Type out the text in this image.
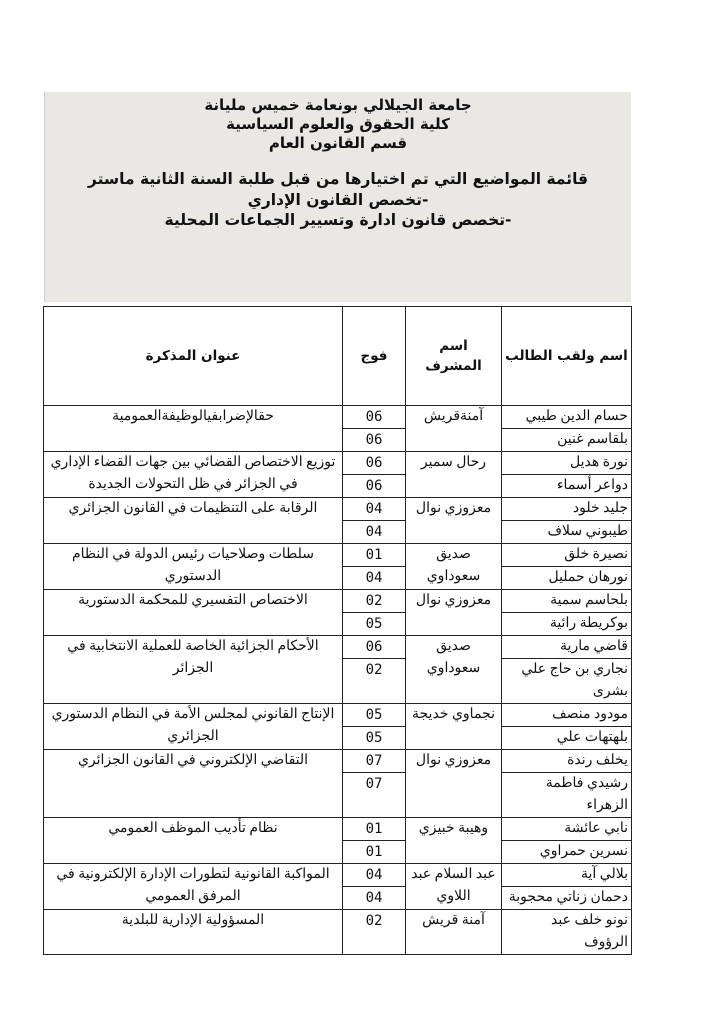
جامعة الجيلالي بونعامة خميس مليانة
كلية الحقوق والعلوم السياسية
قسم القانون العام
قائمة المواضيع التي تم اختيارها من قبل طلبة السنة الثانية ماستر
-تخصص القانون الإداري
-تخصص قانون ادارة وتسيير الجماعات المحلية
اسم ولقب الطالب	اسم المشرف	فوج	عنوان المذكرة
حسام الدين طيبي	آمنةقريش	06	حقالإضرابفيالوظيفةالعمومية
بلقاسم غنين		06	
نورة هديل	رحال سمير	06	توزيع الاختصاص القضائي بين جهات القضاء الإداري في الجزائر في ظل التحولات الجديدة
دواعر أسماء		06	
جليد خلود	معزوزي نوال	04	الرقابة على التنظيمات في القانون الجزائري
طيبوني سلاف		04	
نصيرة خلق	صديق سعوداوي	01	سلطات وصلاحيات رئيس الدولة في النظام الدستوري
نورهان حمليل		04	
بلحاسم سمية	معزوزي نوال	02	الاختصاص التفسيري للمحكمة الدستورية
بوكريطة رائية		05	
قاضي مارية	صديق سعوداوي	06	الأحكام الجزائية الخاصة للعملية الانتخابية في الجزائر
نجاري بن حاج علي بشرى		02	
مودود منصف	نجماوي خديجة	05	الإنتاج القانوني لمجلس الأمة في النظام الدستوري الجزائري
بلهتهات علي		05	
يخلف رندة	معزوزي نوال	07	التقاضي الإلكتروني في القانون الجزائري
رشيدي فاطمة الزهراء		07	
نابي عائشة	وهيبة خبيزي	01	نظام تأديب الموظف العمومي
نسرين حمراوي		01	
بلالي آية	عبد السلام عبد اللاوي	04	المواكبة القانونية لتطورات الإدارة الإلكترونية في المرفق العمومي
دحمان زناتي محجوبة		04	
نونو خلف عبد الرؤوف	آمنة قريش	02	المسؤولية الإدارية للبلدية
